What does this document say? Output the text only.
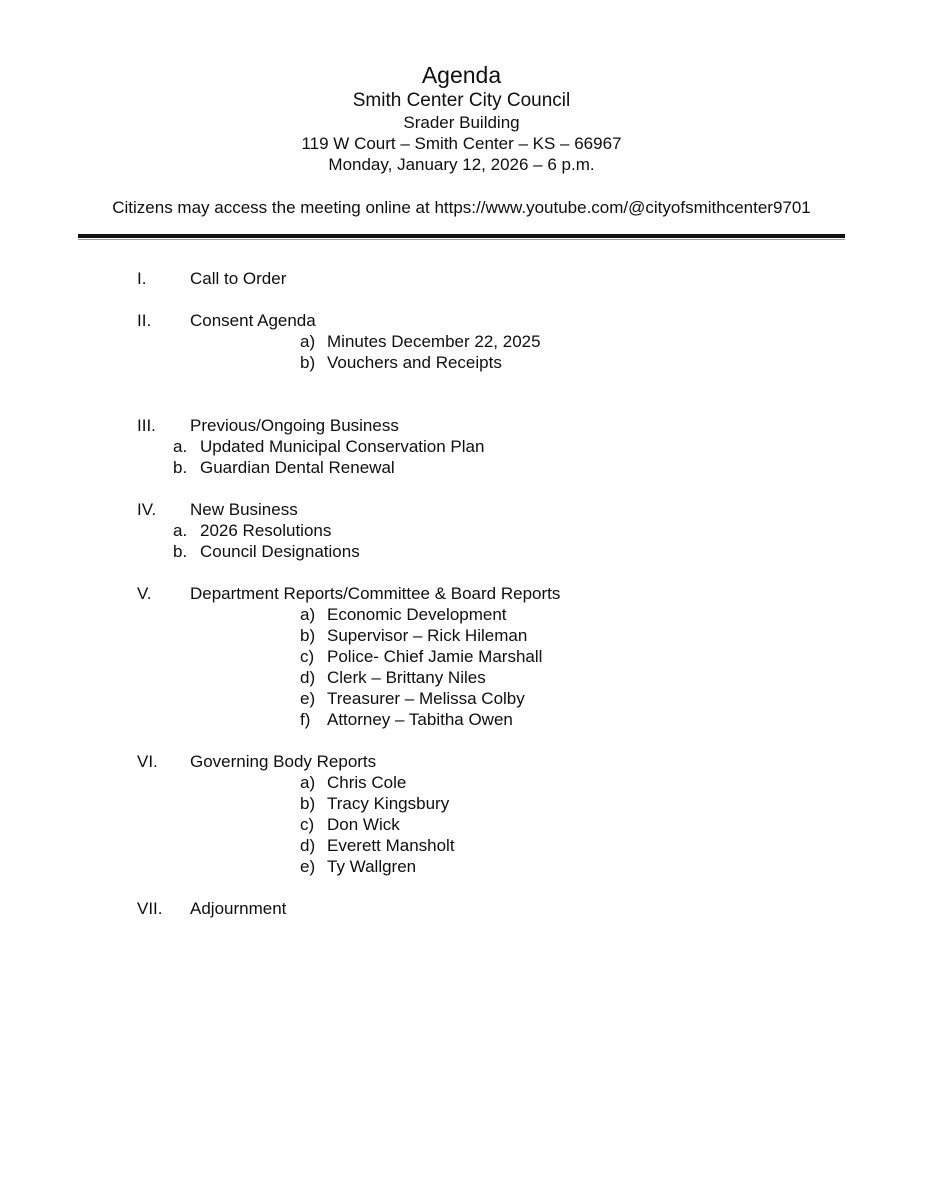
Agenda
Smith Center City Council
Srader Building
119 W Court – Smith Center – KS – 66967
Monday, January 12, 2026 – 6 p.m.
Citizens may access the meeting online at https://www.youtube.com/@cityofsmithcenter9701
I.	Call to Order
II.	Consent Agenda
a) Minutes December 22, 2025
b) Vouchers and Receipts
III.	Previous/Ongoing Business
a. Updated Municipal Conservation Plan
b. Guardian Dental Renewal
IV.	New Business
a. 2026 Resolutions
b. Council Designations
V.	Department Reports/Committee & Board Reports
a) Economic Development
b) Supervisor – Rick Hileman
c) Police- Chief Jamie Marshall
d) Clerk – Brittany Niles
e) Treasurer – Melissa Colby
f) Attorney – Tabitha Owen
VI.	Governing Body Reports
a) Chris Cole
b) Tracy Kingsbury
c) Don Wick
d) Everett Mansholt
e) Ty Wallgren
VII.	Adjournment
